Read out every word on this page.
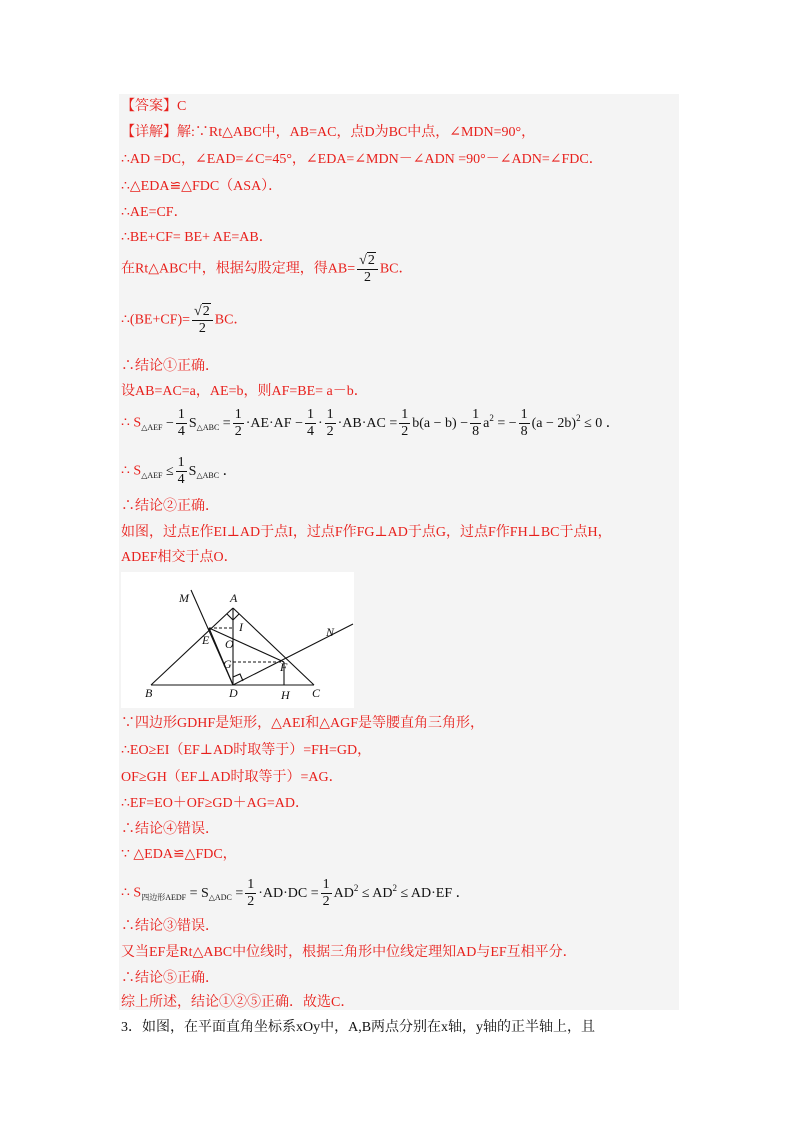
【答案】C
【详解】解:∵Rt△ABC中，AB=AC，点D为BC中点，∠MDN=90°，
∴AD =DC，∠EAD=∠C=45°，∠EDA=∠MDN－∠ADN =90°－∠ADN=∠FDC．
∴△EDA≌△FDC（ASA）．
∴AE=CF．
∴BE+CF= BE+ AE=AB．
在Rt△ABC中，根据勾股定理，得$AB= \frac{√2}{2}$ BC．
∴(BE+CF)= $\frac{√2}{2}$ BC．
∴结论①正确．
设AB=AC=a，AE=b，则AF=BE= a－b．
∴ $S_{\triangle AEF} - \frac{1}{4} S_{\triangle ABC} = \frac{1}{2} \cdot AE\cdot AF - \frac{1}{4} \cdot \frac{1}{2} \cdot AB\cdot AC = \frac{1}{2} b(a - b) - \frac{1}{8} a^2$ = − $\frac{1}{8} (a - 2b)^2 \le 0$ ．
∴ $S_{\triangle AEF} \le \frac{1}{4} S_{\triangle ABC}$ ．
∴结论②正确．
如图，过点E作EI⊥AD于点I，过点F作FG⊥AD于点G，过点F作FH⊥BC于点H，
ADEF相交于点O．
M	A
I	N
E O
G	F
B	D	H C
∵四边形GDHF是矩形，△AEI和△AGF是等腰直角三角形，
∴EO≥EI（EF⊥AD时取等于）=FH=GD，
OF≥GH（EF⊥AD时取等于）=AG．
∴EF=EO＋OF≥GD＋AG=AD．
∴结论④错误．
∵ △EDA≌△FDC，
∴ $S_{四边形AEDF} = S_{\triangle ADC} = \frac{1}{2} \cdot AD\cdot DC = \frac{1}{2} AD^2 \le AD^2 \le AD\cdot EF$ ．
∴结论③错误．
又当EF是Rt△ABC中位线时，根据三角形中位线定理知AD与EF互相平分．
∴结论⑤正确．
综上所述，结论①②⑤正确．故选C．
3．如图，在平面直角坐标系xOy中，A,B两点分别在x轴，y轴的正半轴上，且
